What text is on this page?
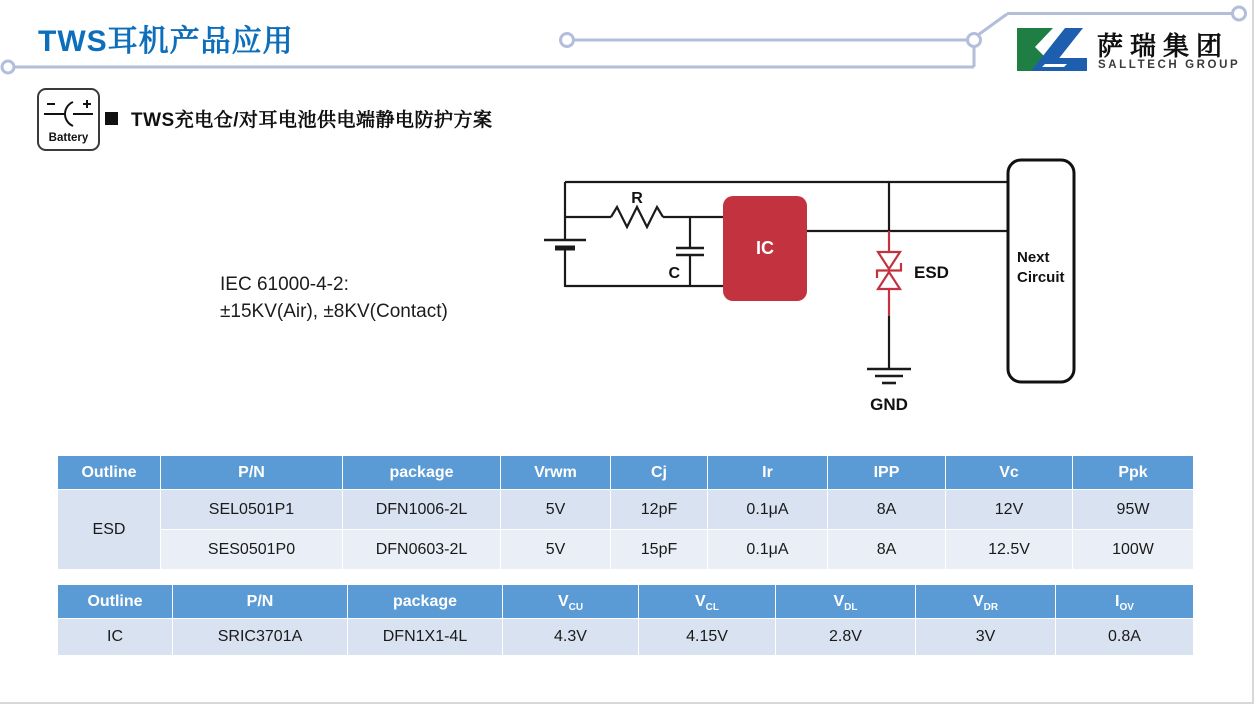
TWS耳机产品应用	萨瑞集团
SALLTECH GROUP
Battery
TWS充电仓/对耳电池供电端静电防护方案
IEC 61000-4-2:
±15KV(Air), ±8KV(Contact)
R
C
IC
ESD
GND
Next
Circuit
Outline	P/N	package	Vrwm	Cj	Ir	IPP	Vc	Ppk
ESD	SEL0501P1	DFN1006-2L	5V	12pF	0.1μA	8A	12V	95W
	SES0501P0	DFN0603-2L	5V	15pF	0.1μA	8A	12.5V	100W
Outline	P/N	package	$V_{CU}$	$V_{CL}$	$V_{DL}$	$V_{DR}$	$I_{OV}$
IC	SRIC3701A	DFN1X1-4L	4.3V	4.15V	2.8V	3V	0.8A
